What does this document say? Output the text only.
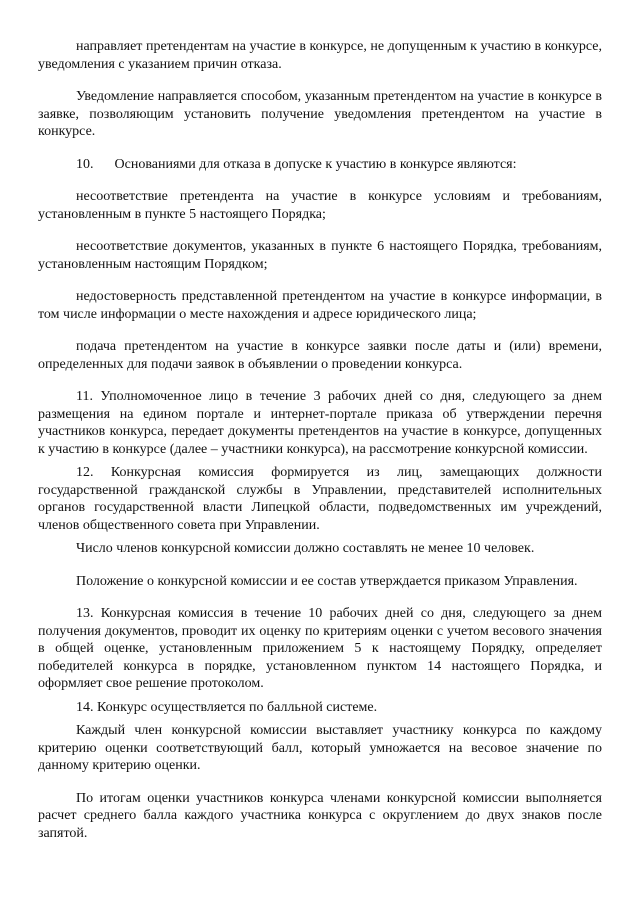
направляет претендентам на участие в конкурсе, не допущенным к участию в конкурсе, уведомления с указанием причин отказа.

Уведомление направляется способом, указанным претендентом на участие в конкурсе в заявке, позволяющим установить получение уведомления претендентом на участие в конкурсе.

10.      Основаниями для отказа в допуске к участию в конкурсе являются:

несоответствие претендента на участие в конкурсе условиям и требованиям, установленным в пункте 5 настоящего Порядка;

несоответствие документов, указанных в пункте 6 настоящего Порядка, требованиям, установленным настоящим Порядком;

недостоверность представленной претендентом на участие в конкурсе информации, в том числе информации о месте нахождения и адресе юридического лица;

подача претендентом на участие в конкурсе заявки после даты и (или) времени, определенных для подачи заявок в объявлении о проведении конкурса.

11. Уполномоченное лицо в течение 3 рабочих дней со дня, следующего за днем размещения на едином портале и интернет-портале приказа об утверждении перечня участников конкурса, передает документы претендентов на участие в конкурсе, допущенных к участию в конкурсе (далее – участники конкурса), на рассмотрение конкурсной комиссии.

12. Конкурсная комиссия формируется из лиц, замещающих должности государственной гражданской службы в Управлении, представителей исполнительных органов государственной власти Липецкой области, подведомственных им учреждений, членов общественного совета при Управлении.

Число членов конкурсной комиссии должно составлять не менее 10 человек.

Положение о конкурсной комиссии и ее состав утверждается приказом Управления.

13. Конкурсная комиссия в течение 10 рабочих дней со дня, следующего за днем получения документов, проводит их оценку по критериям оценки с учетом весового значения в общей оценке, установленным приложением 5 к настоящему Порядку, определяет победителей конкурса в порядке, установленном пунктом 14 настоящего Порядка, и оформляет свое решение протоколом.

14. Конкурс осуществляется по балльной системе.

Каждый член конкурсной комиссии выставляет участнику конкурса по каждому критерию оценки соответствующий балл, который умножается на весовое значение по данному критерию оценки.

По итогам оценки участников конкурса членами конкурсной комиссии выполняется расчет среднего балла каждого участника конкурса с округлением до двух знаков после запятой.
